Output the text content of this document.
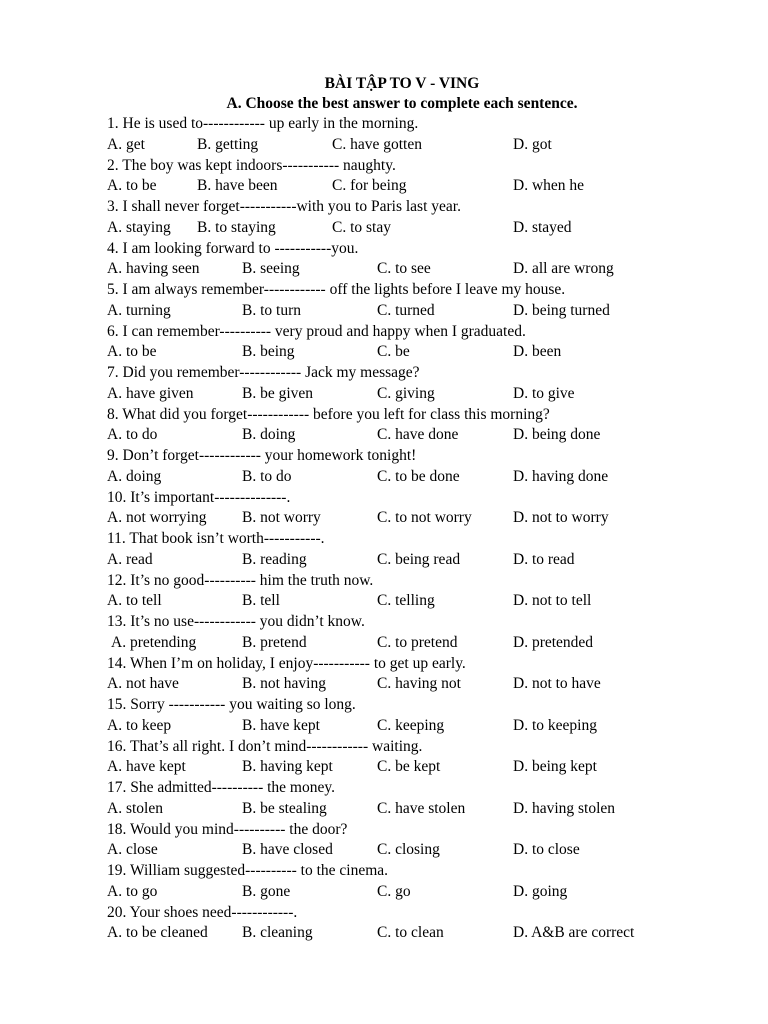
BÀI TẬP TO V - VING
A. Choose the best answer to complete each sentence.
1. He is used to------------ up early in the morning.
A. get	B. getting	C. have gotten	D. got
2. The boy was kept indoors----------- naughty.
A. to be	B. have been	C. for being	D. when he
3. I shall never forget-----------with you to Paris last year.
A. staying B. to staying	C. to stay	D. stayed
4. I am looking forward to -----------you.
A. having seen	B. seeing	C. to see	D. all are wrong
5. I am always remember------------ off the lights before I leave my house.
A. turning	B. to turn	C. turned	D. being turned
6. I can remember---------- very proud and happy when I graduated.
A. to be	B. being	C. be	D. been
7. Did you remember------------ Jack my message?
A. have given	B. be given	C. giving	D. to give
8. What did you forget------------ before you left for class this morning?
A. to do	B. doing	C. have done	D. being done
9. Don’t forget------------ your homework tonight!
A. doing	B. to do	C. to be done	D. having done
10. It’s important--------------.
A. not worrying B. not worry	C. to not worry	D. not to worry
11. That book isn’t worth-----------.
A. read	B. reading	C. being read	D. to read
12. It’s no good---------- him the truth now.
A. to tell	B. tell	C. telling	D. not to tell
13. It’s no use------------ you didn’t know.
A. pretending	B. pretend	C. to pretend	D. pretended
14. When I’m on holiday, I enjoy----------- to get up early.
A. not have	B. not having	C. having not	D. not to have
15. Sorry ----------- you waiting so long.
A. to keep	B. have kept	C. keeping	D. to keeping
16. That’s all right. I don’t mind------------ waiting.
A. have kept	B. having kept	C. be kept	D. being kept
17. She admitted---------- the money.
A. stolen	B. be stealing	C. have stolen	D. having stolen
18. Would you mind---------- the door?
A. close	B. have closed	C. closing	D. to close
19. William suggested---------- to the cinema.
A. to go	B. gone	C. go	D. going
20. Your shoes need------------.
A. to be cleaned B. cleaning	C. to clean	D. A&B are correct
